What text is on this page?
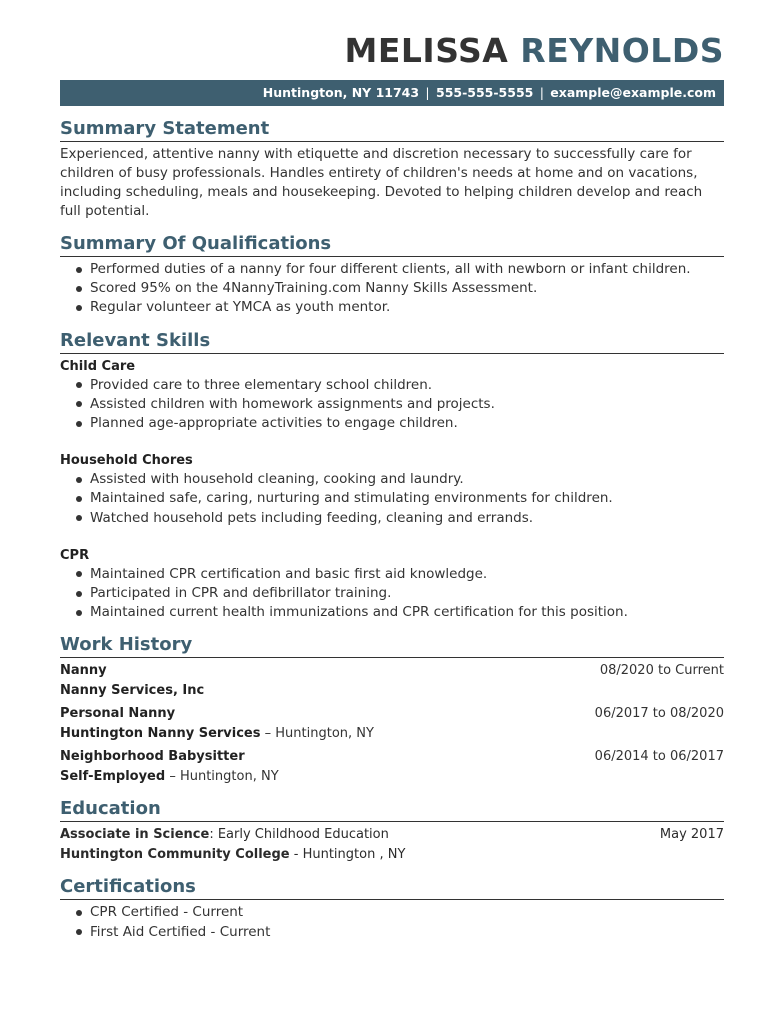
MELISSA REYNOLDS
Huntington, NY 11743 | 555-555-5555 | example@example.com
Summary Statement
Experienced, attentive nanny with etiquette and discretion necessary to successfully care for children of busy professionals. Handles entirety of children's needs at home and on vacations, including scheduling, meals and housekeeping. Devoted to helping children develop and reach full potential.
Summary Of Qualifications
Performed duties of a nanny for four different clients, all with newborn or infant children.
Scored 95% on the 4NannyTraining.com Nanny Skills Assessment.
Regular volunteer at YMCA as youth mentor.
Relevant Skills
Child Care
Provided care to three elementary school children.
Assisted children with homework assignments and projects.
Planned age-appropriate activities to engage children.
Household Chores
Assisted with household cleaning, cooking and laundry.
Maintained safe, caring, nurturing and stimulating environments for children.
Watched household pets including feeding, cleaning and errands.
CPR
Maintained CPR certification and basic first aid knowledge.
Participated in CPR and defibrillator training.
Maintained current health immunizations and CPR certification for this position.
Work History
Nanny	08/2020 to Current
Nanny Services, Inc
Personal Nanny	06/2017 to 08/2020
Huntington Nanny Services – Huntington, NY
Neighborhood Babysitter	06/2014 to 06/2017
Self-Employed – Huntington, NY
Education
Associate in Science: Early Childhood Education	May 2017
Huntington Community College - Huntington , NY
Certifications
CPR Certified - Current
First Aid Certified - Current
